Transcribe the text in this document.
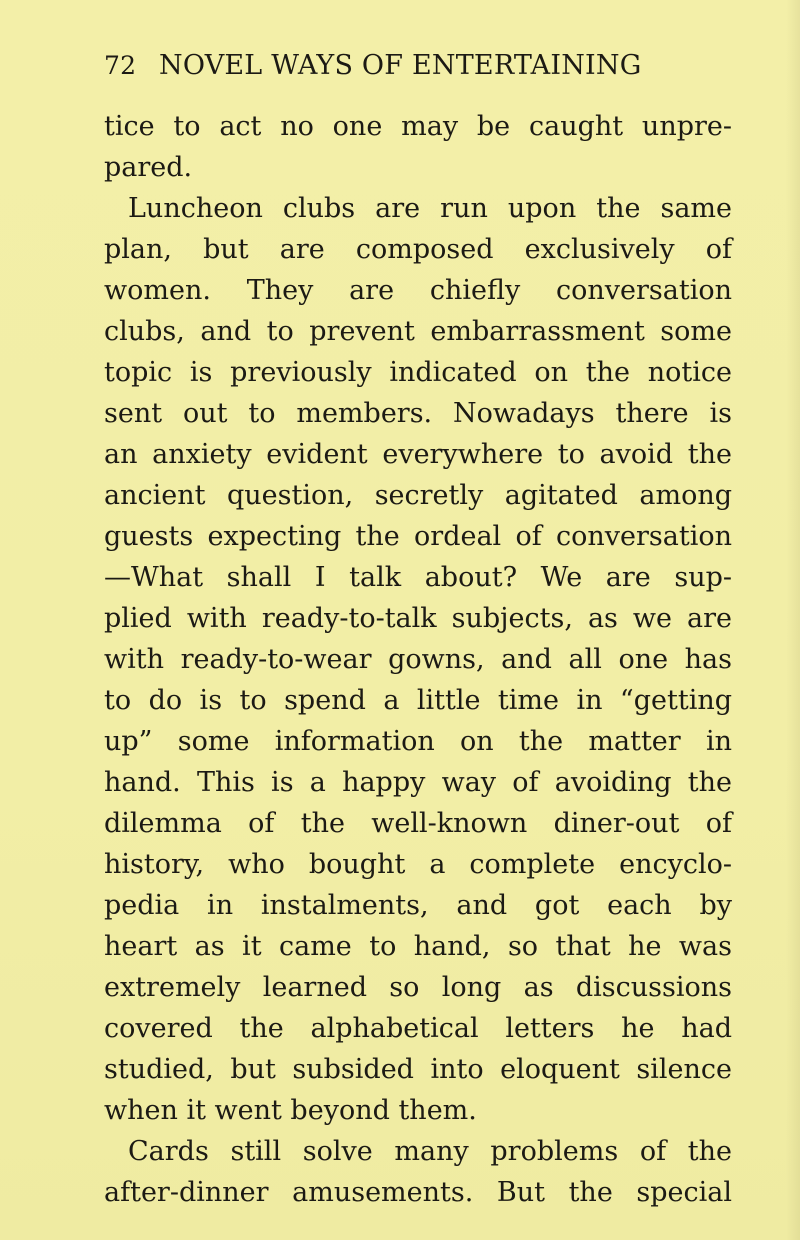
72 NOVEL WAYS OF ENTERTAINING
tice to act no one may be caught unpre-
pared.
Luncheon clubs are run upon the same
plan, but are composed exclusively of
women. They are chiefly conversation
clubs, and to prevent embarrassment some
topic is previously indicated on the notice
sent out to members. Nowadays there is
an anxiety evident everywhere to avoid the
ancient question, secretly agitated among
guests expecting the ordeal of conversation
—What shall I talk about? We are sup-
plied with ready-to-talk subjects, as we are
with ready-to-wear gowns, and all one has
to do is to spend a little time in “getting
up” some information on the matter in
hand. This is a happy way of avoiding the
dilemma of the well-known diner-out of
history, who bought a complete encyclo-
pedia in instalments, and got each by
heart as it came to hand, so that he was
extremely learned so long as discussions
covered the alphabetical letters he had
studied, but subsided into eloquent silence
when it went beyond them.
Cards still solve many problems of the
after-dinner amusements. But the special
